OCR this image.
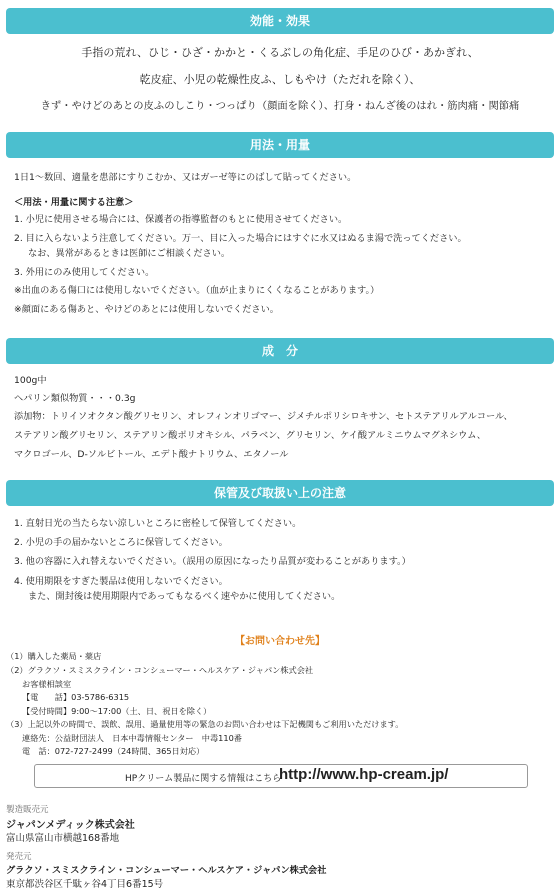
効能・効果
手指の荒れ、ひじ・ひざ・かかと・くるぶしの角化症、手足のひび・あかぎれ、
乾皮症、小児の乾燥性皮ふ、しもやけ（ただれを除く）、
きず・やけどのあとの皮ふのしこり・つっぱり（顔面を除く）、打身・ねんざ後のはれ・筋肉痛・関節痛
用法・用量
1日1～数回、適量を患部にすりこむか、又はガーゼ等にのばして貼ってください。
＜用法・用量に関する注意＞
1. 小児に使用させる場合には、保護者の指導監督のもとに使用させてください。
2. 目に入らないよう注意してください。万一、目に入った場合にはすぐに水又はぬるま湯で洗ってください。
なお、異常があるときは医師にご相談ください。
3. 外用にのみ使用してください。
※出血のある傷口には使用しないでください。（血が止まりにくくなることがあります。）
※顔面にある傷あと、やけどのあとには使用しないでください。
成　分
100g中
ヘパリン類似物質・・・0.3g
添加物：トリイソオクタン酸グリセリン、オレフィンオリゴマー、ジメチルポリシロキサン、セトステアリルアルコール、
ステアリン酸グリセリン、ステアリン酸ポリオキシル、パラベン、グリセリン、ケイ酸アルミニウムマグネシウム、
マクロゴール、D-ソルビトール、エデト酸ナトリウム、エタノール
保管及び取扱い上の注意
1. 直射日光の当たらない涼しいところに密栓して保管してください。
2. 小児の手の届かないところに保管してください。
3. 他の容器に入れ替えないでください。（誤用の原因になったり品質が変わることがあります。）
4. 使用期限をすぎた製品は使用しないでください。
また、開封後は使用期限内であってもなるべく速やかに使用してください。
【お問い合わせ先】
（1）購入した薬局・薬店
（2）グラクソ・スミスクライン・コンシューマー・ヘルスケア・ジャパン株式会社
お客様相談室
【電　　話】03-5786-6315
【受付時間】9:00～17:00（土、日、祝日を除く）
（3）上記以外の時間で、誤飲、誤用、過量使用等の緊急のお問い合わせは下記機関もご利用いただけます。
連絡先：公益財団法人　日本中毒情報センター　中毒110番
電　話：072-727-2499（24時間、365日対応）
HPクリーム製品に関する情報はこちら
http://www.hp-cream.jp/
製造販売元
ジャパンメディック株式会社
富山県富山市横越168番地
発売元
グラクソ・スミスクライン・コンシューマー・ヘルスケア・ジャパン株式会社
東京都渋谷区千駄ヶ谷4丁目6番15号
